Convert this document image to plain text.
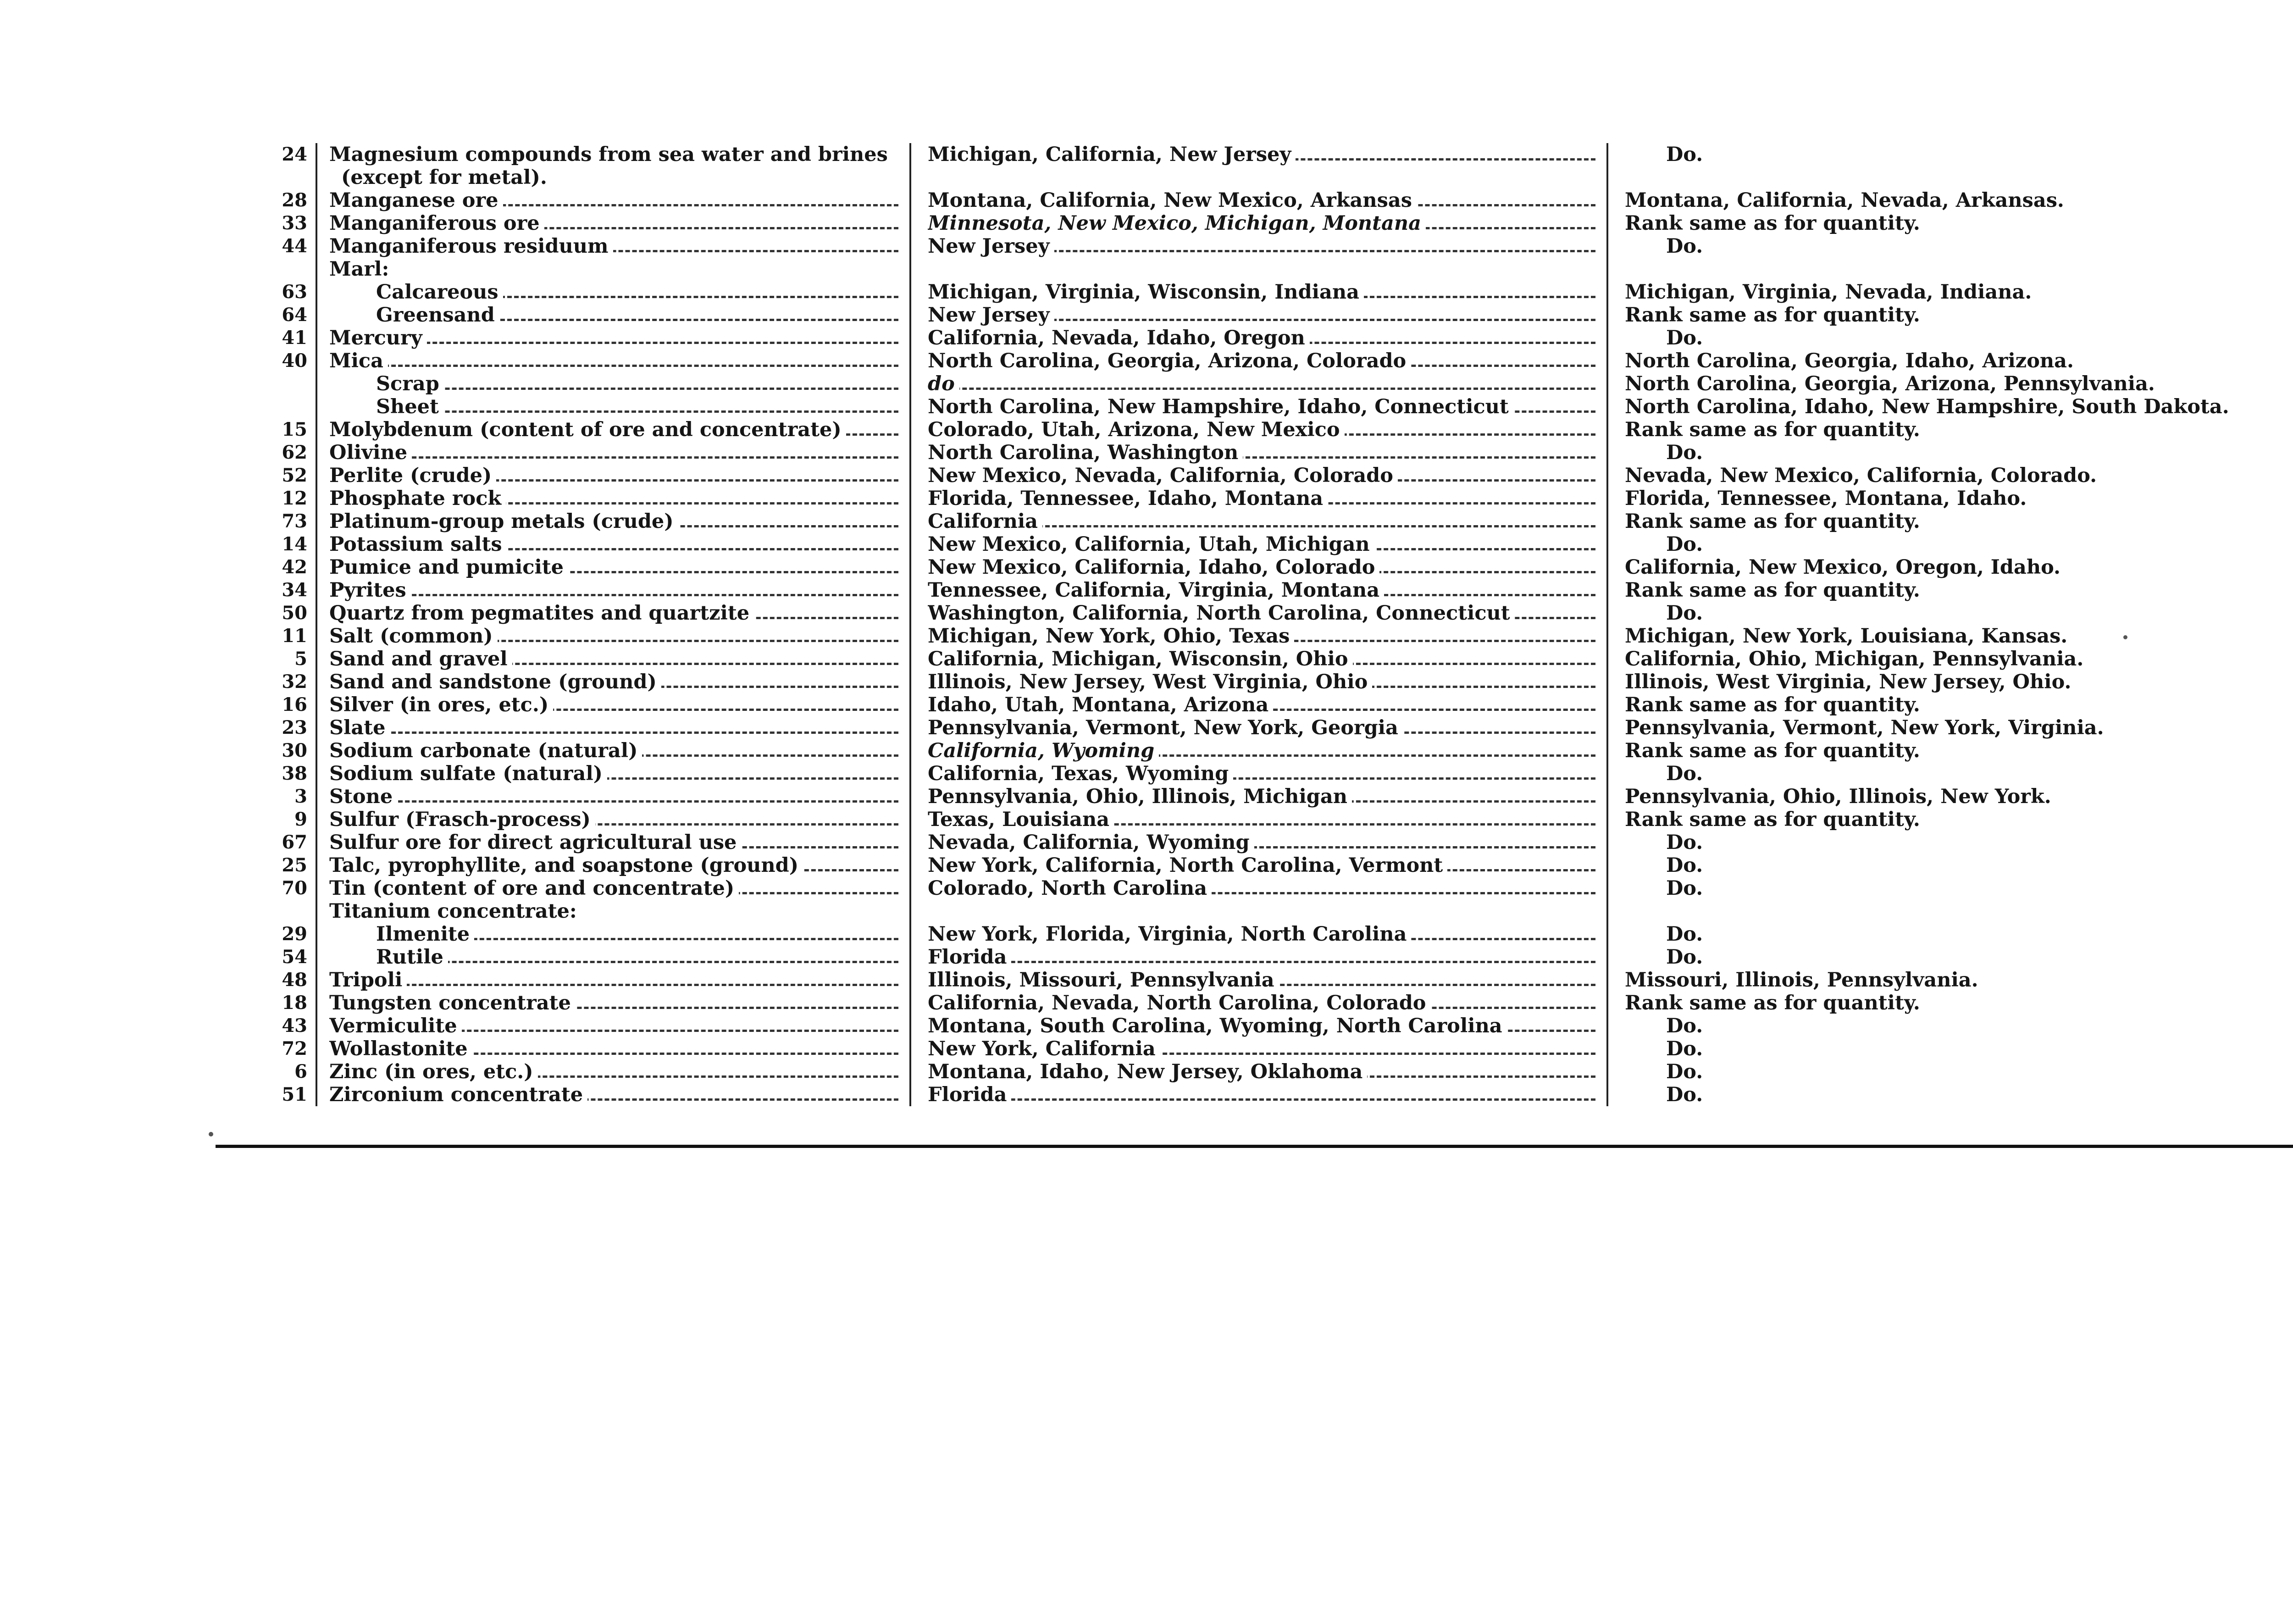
24	Magnesium compounds from sea water and brines
(except for metal).	Michigan, California, New Jersey	Do.
28	Manganese ore	Montana, California, New Mexico, Arkansas	Montana, California, Nevada, Arkansas.
33	Manganiferous ore	Minnesota, New Mexico, Michigan, Montana	Rank same as for quantity.
44	Manganiferous residuum	New Jersey	Do.

	Marl:		

63	Calcareous	Michigan, Virginia, Wisconsin, Indiana	Michigan, Virginia, Nevada, Indiana.
64	Greensand	New Jersey	Rank same as for quantity.
41	Mercury	California, Nevada, Idaho, Oregon	Do.
40	Mica	North Carolina, Georgia, Arizona, Colorado	North Carolina, Georgia, Idaho, Arizona.

	Scrap	do	North Carolina, Georgia, Arizona, Pennsylvania.

	Sheet	North Carolina, New Hampshire, Idaho, Connecticut	North Carolina, Idaho, New Hampshire, South Dakota.
15	Molybdenum (content of ore and concentrate)	Colorado, Utah, Arizona, New Mexico	Rank same as for quantity.
62	Olivine	North Carolina, Washington	Do.
52	Perlite (crude)	New Mexico, Nevada, California, Colorado	Nevada, New Mexico, California, Colorado.
12	Phosphate rock	Florida, Tennessee, Idaho, Montana	Florida, Tennessee, Montana, Idaho.
73	Platinum-group metals (crude)	California	Rank same as for quantity.
14	Potassium salts	New Mexico, California, Utah, Michigan	Do.
42	Pumice and pumicite	New Mexico, California, Idaho, Colorado	California, New Mexico, Oregon, Idaho.
34	Pyrites	Tennessee, California, Virginia, Montana	Rank same as for quantity.
50	Quartz from pegmatites and quartzite	Washington, California, North Carolina, Connecticut	Do.
11	Salt (common)	Michigan, New York, Ohio, Texas	Michigan, New York, Louisiana, Kansas.
5	Sand and gravel	California, Michigan, Wisconsin, Ohio	California, Ohio, Michigan, Pennsylvania.
32	Sand and sandstone (ground)	Illinois, New Jersey, West Virginia, Ohio	Illinois, West Virginia, New Jersey, Ohio.
16	Silver (in ores, etc.)	Idaho, Utah, Montana, Arizona	Rank same as for quantity.
23	Slate	Pennsylvania, Vermont, New York, Georgia	Pennsylvania, Vermont, New York, Virginia.
30	Sodium carbonate (natural)	California, Wyoming	Rank same as for quantity.
38	Sodium sulfate (natural)	California, Texas, Wyoming	Do.
3	Stone	Pennsylvania, Ohio, Illinois, Michigan	Pennsylvania, Ohio, Illinois, New York.
9	Sulfur (Frasch-process)	Texas, Louisiana	Rank same as for quantity.
67	Sulfur ore for direct agricultural use	Nevada, California, Wyoming	Do.
25	Talc, pyrophyllite, and soapstone (ground)	New York, California, North Carolina, Vermont	Do.
70	Tin (content of ore and concentrate)	Colorado, North Carolina	Do.

	Titanium concentrate:		

29	Ilmenite	New York, Florida, Virginia, North Carolina	Do.
54	Rutile	Florida	Do.
48	Tripoli	Illinois, Missouri, Pennsylvania	Missouri, Illinois, Pennsylvania.
18	Tungsten concentrate	California, Nevada, North Carolina, Colorado	Rank same as for quantity.
43	Vermiculite	Montana, South Carolina, Wyoming, North Carolina	Do.
72	Wollastonite	New York, California	Do.
6	Zinc (in ores, etc.)	Montana, Idaho, New Jersey, Oklahoma	Do.
51	Zirconium concentrate	Florida	Do.
